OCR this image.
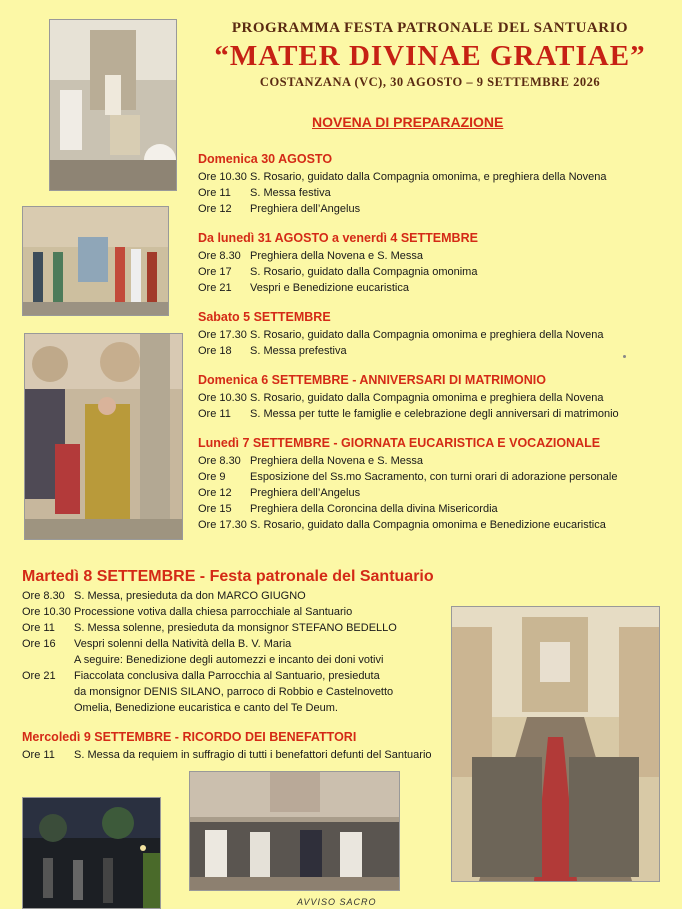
PROGRAMMA FESTA PATRONALE DEL SANTUARIO
“MATER DIVINAE GRATIAE”
COSTANZANA (VC), 30 AGOSTO – 9 SETTEMBRE 2026
NOVENA DI PREPARAZIONE
Domenica 30 AGOSTO
Ore 10.30 S. Rosario, guidato dalla Compagnia omonima, e preghiera della Novena
Ore 11	S. Messa festiva
Ore 12	Preghiera dell’Angelus
Da lunedì 31 AGOSTO a venerdì 4 SETTEMBRE
Ore 8.30 Preghiera della Novena e S. Messa
Ore 17	S. Rosario, guidato dalla Compagnia omonima
Ore 21	Vespri e Benedizione eucaristica
Sabato 5 SETTEMBRE
Ore 17.30 S. Rosario, guidato dalla Compagnia omonima e preghiera della Novena
Ore 18	S. Messa prefestiva
Domenica 6 SETTEMBRE - ANNIVERSARI DI MATRIMONIO
Ore 10.30 S. Rosario, guidato dalla Compagnia omonima e preghiera della Novena
Ore 11	S. Messa per tutte le famiglie e celebrazione degli anniversari di matrimonio
Lunedì 7 SETTEMBRE - GIORNATA EUCARISTICA E VOCAZIONALE
Ore 8.30 Preghiera della Novena e S. Messa
Ore 9	Esposizione del Ss.mo Sacramento, con turni orari di adorazione personale
Ore 12	Preghiera dell’Angelus
Ore 15	Preghiera della Coroncina della divina Misericordia
Ore 17.30 S. Rosario, guidato dalla Compagnia omonima e Benedizione eucaristica
Martedì 8 SETTEMBRE - Festa patronale del Santuario
Ore 8.30 S. Messa, presieduta da don MARCO GIUGNO
Ore 10.30 Processione votiva dalla chiesa parrocchiale al Santuario
Ore 11	S. Messa solenne, presieduta da monsignor STEFANO BEDELLO
Ore 16	Vespri solenni della Natività della B. V. Maria
A seguire: Benedizione degli automezzi e incanto dei doni votivi
Ore 21	Fiaccolata conclusiva dalla Parrocchia al Santuario, presieduta
da monsignor DENIS SILANO, parroco di Robbio e Castelnovetto
Omelia, Benedizione eucaristica e canto del Te Deum.
Mercoledì 9 SETTEMBRE - RICORDO DEI BENEFATTORI
Ore 11	S. Messa da requiem in suffragio di tutti i benefattori defunti del Santuario
AVVISO SACRO
